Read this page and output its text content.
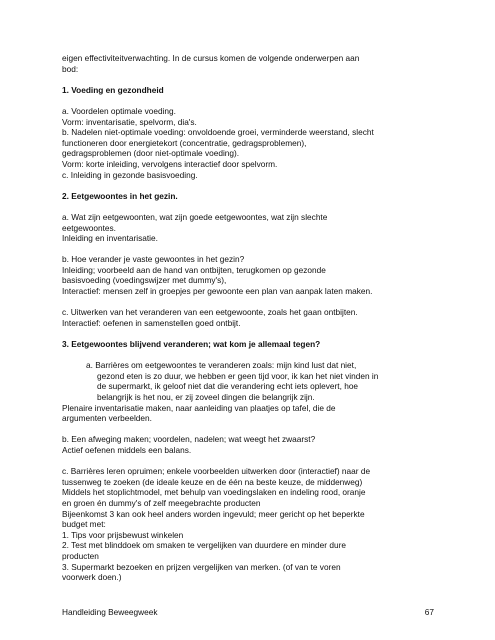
eigen effectiviteitverwachting. In de cursus komen de volgende onderwerpen aan

bod:

1. Voeding en gezondheid

a. Voordelen optimale voeding.

Vorm: inventarisatie, spelvorm, dia's.

b. Nadelen niet-optimale voeding: onvoldoende groei, verminderde weerstand, slecht

functioneren door energietekort (concentratie, gedragsproblemen),

gedragsproblemen (door niet-optimale voeding).

Vorm: korte inleiding, vervolgens interactief door spelvorm.

c. Inleiding in gezonde basisvoeding.

2. Eetgewoontes in het gezin.

a. Wat zijn eetgewoonten, wat zijn goede eetgewoontes, wat zijn slechte

eetgewoontes.

Inleiding en inventarisatie.

b. Hoe verander je vaste gewoontes in het gezin?

Inleiding; voorbeeld aan de hand van ontbijten, terugkomen op gezonde

basisvoeding (voedingswijzer met dummy's),

Interactief: mensen zelf in groepjes per gewoonte een plan van aanpak laten maken.

c. Uitwerken van het veranderen van een eetgewoonte, zoals het gaan ontbijten.

Interactief: oefenen in samenstellen goed ontbijt.

3. Eetgewoontes blijvend veranderen; wat kom je allemaal tegen?

a. Barrières om eetgewoontes te veranderen zoals: mijn kind lust dat niet,

gezond eten is zo duur, we hebben er geen tijd voor, ik kan het niet vinden in

de supermarkt, ik geloof niet dat die verandering echt iets oplevert, hoe

belangrijk is het nou, er zij zoveel dingen die belangrijk zijn.

Plenaire inventarisatie maken, naar aanleiding van plaatjes op tafel, die de

argumenten verbeelden.

b. Een afweging maken; voordelen, nadelen; wat weegt het zwaarst?

Actief oefenen middels een balans.

c. Barrières leren opruimen; enkele voorbeelden uitwerken door (interactief) naar de

tussenweg te zoeken (de ideale keuze en de één na beste keuze, de middenweg)

Middels het stoplichtmodel, met behulp van voedingslaken en indeling rood, oranje

en groen én dummy's of zelf meegebrachte producten

Bijeenkomst 3 kan ook heel anders worden ingevuld; meer gericht op het beperkte

budget met:

1. Tips voor prijsbewust winkelen

2. Test met blinddoek om smaken te vergelijken van duurdere en minder dure

producten

3. Supermarkt bezoeken en prijzen vergelijken van merken. (of van te voren

voorwerk doen.)

Handleiding Beweegweek	67
